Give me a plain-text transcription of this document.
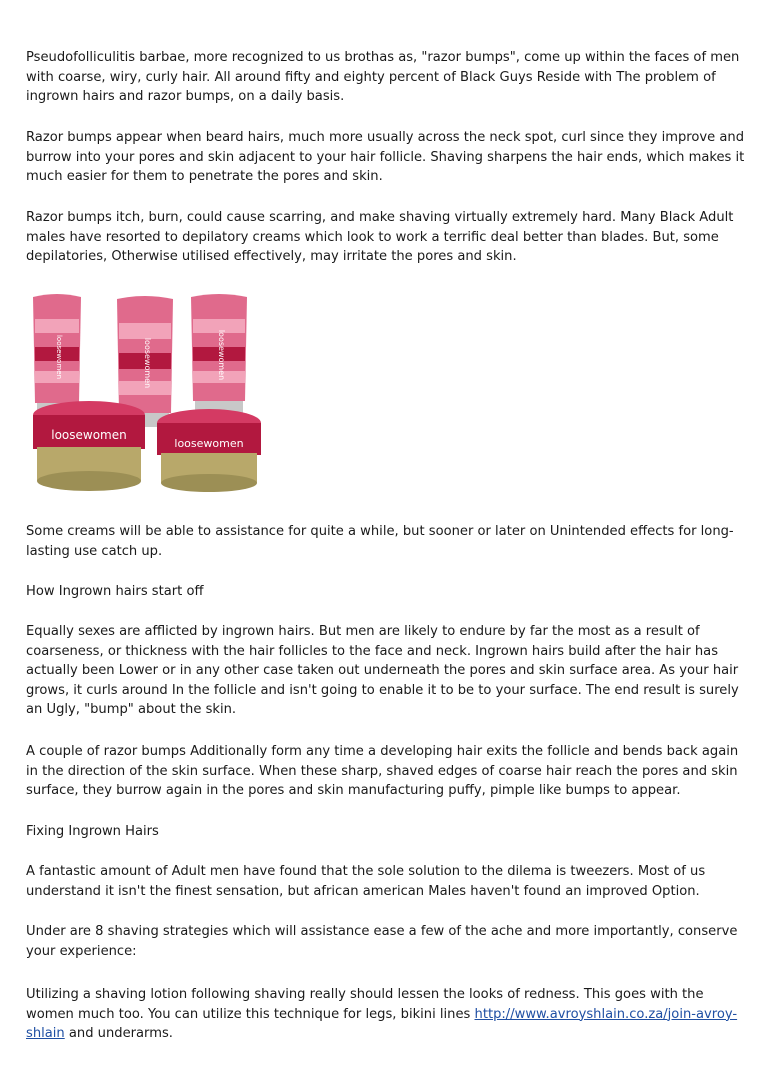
Pseudofolliculitis barbae, more recognized to us brothas as, "razor bumps", come up within the faces of men with coarse, wiry, curly hair. All around fifty and eighty percent of Black Guys Reside with The problem of ingrown hairs and razor bumps, on a daily basis.

Razor bumps appear when beard hairs, much more usually across the neck spot, curl since they improve and burrow into your pores and skin adjacent to your hair follicle. Shaving sharpens the hair ends, which makes it much easier for them to penetrate the pores and skin.

Razor bumps itch, burn, could cause scarring, and make shaving virtually extremely hard. Many Black Adult males have resorted to depilatory creams which look to work a terrific deal better than blades. But, some depilatories, Otherwise utilised effectively, may irritate the pores and skin.

loosewomen	loosewomen	loosewomen
loosewomen
loosewomen

Some creams will be able to assistance for quite a while, but sooner or later on Unintended effects for long-lasting use catch up.

How Ingrown hairs start off

Equally sexes are afflicted by ingrown hairs. But men are likely to endure by far the most as a result of coarseness, or thickness with the hair follicles to the face and neck. Ingrown hairs build after the hair has actually been Lower or in any other case taken out underneath the pores and skin surface area. As your hair grows, it curls around In the follicle and isn't going to enable it to be to your surface. The end result is surely an Ugly, "bump" about the skin.

A couple of razor bumps Additionally form any time a developing hair exits the follicle and bends back again in the direction of the skin surface. When these sharp, shaved edges of coarse hair reach the pores and skin surface, they burrow again in the pores and skin manufacturing puffy, pimple like bumps to appear.

Fixing Ingrown Hairs

A fantastic amount of Adult men have found that the sole solution to the dilema is tweezers. Most of us understand it isn't the finest sensation, but african american Males haven't found an improved Option.

Under are 8 shaving strategies which will assistance ease a few of the ache and more importantly, conserve your experience:

Utilizing a shaving lotion following shaving really should lessen the looks of redness. This goes with the women much too. You can utilize this technique for legs, bikini lines http://www.avroyshlain.co.za/join-avroy-shlain and underarms.
